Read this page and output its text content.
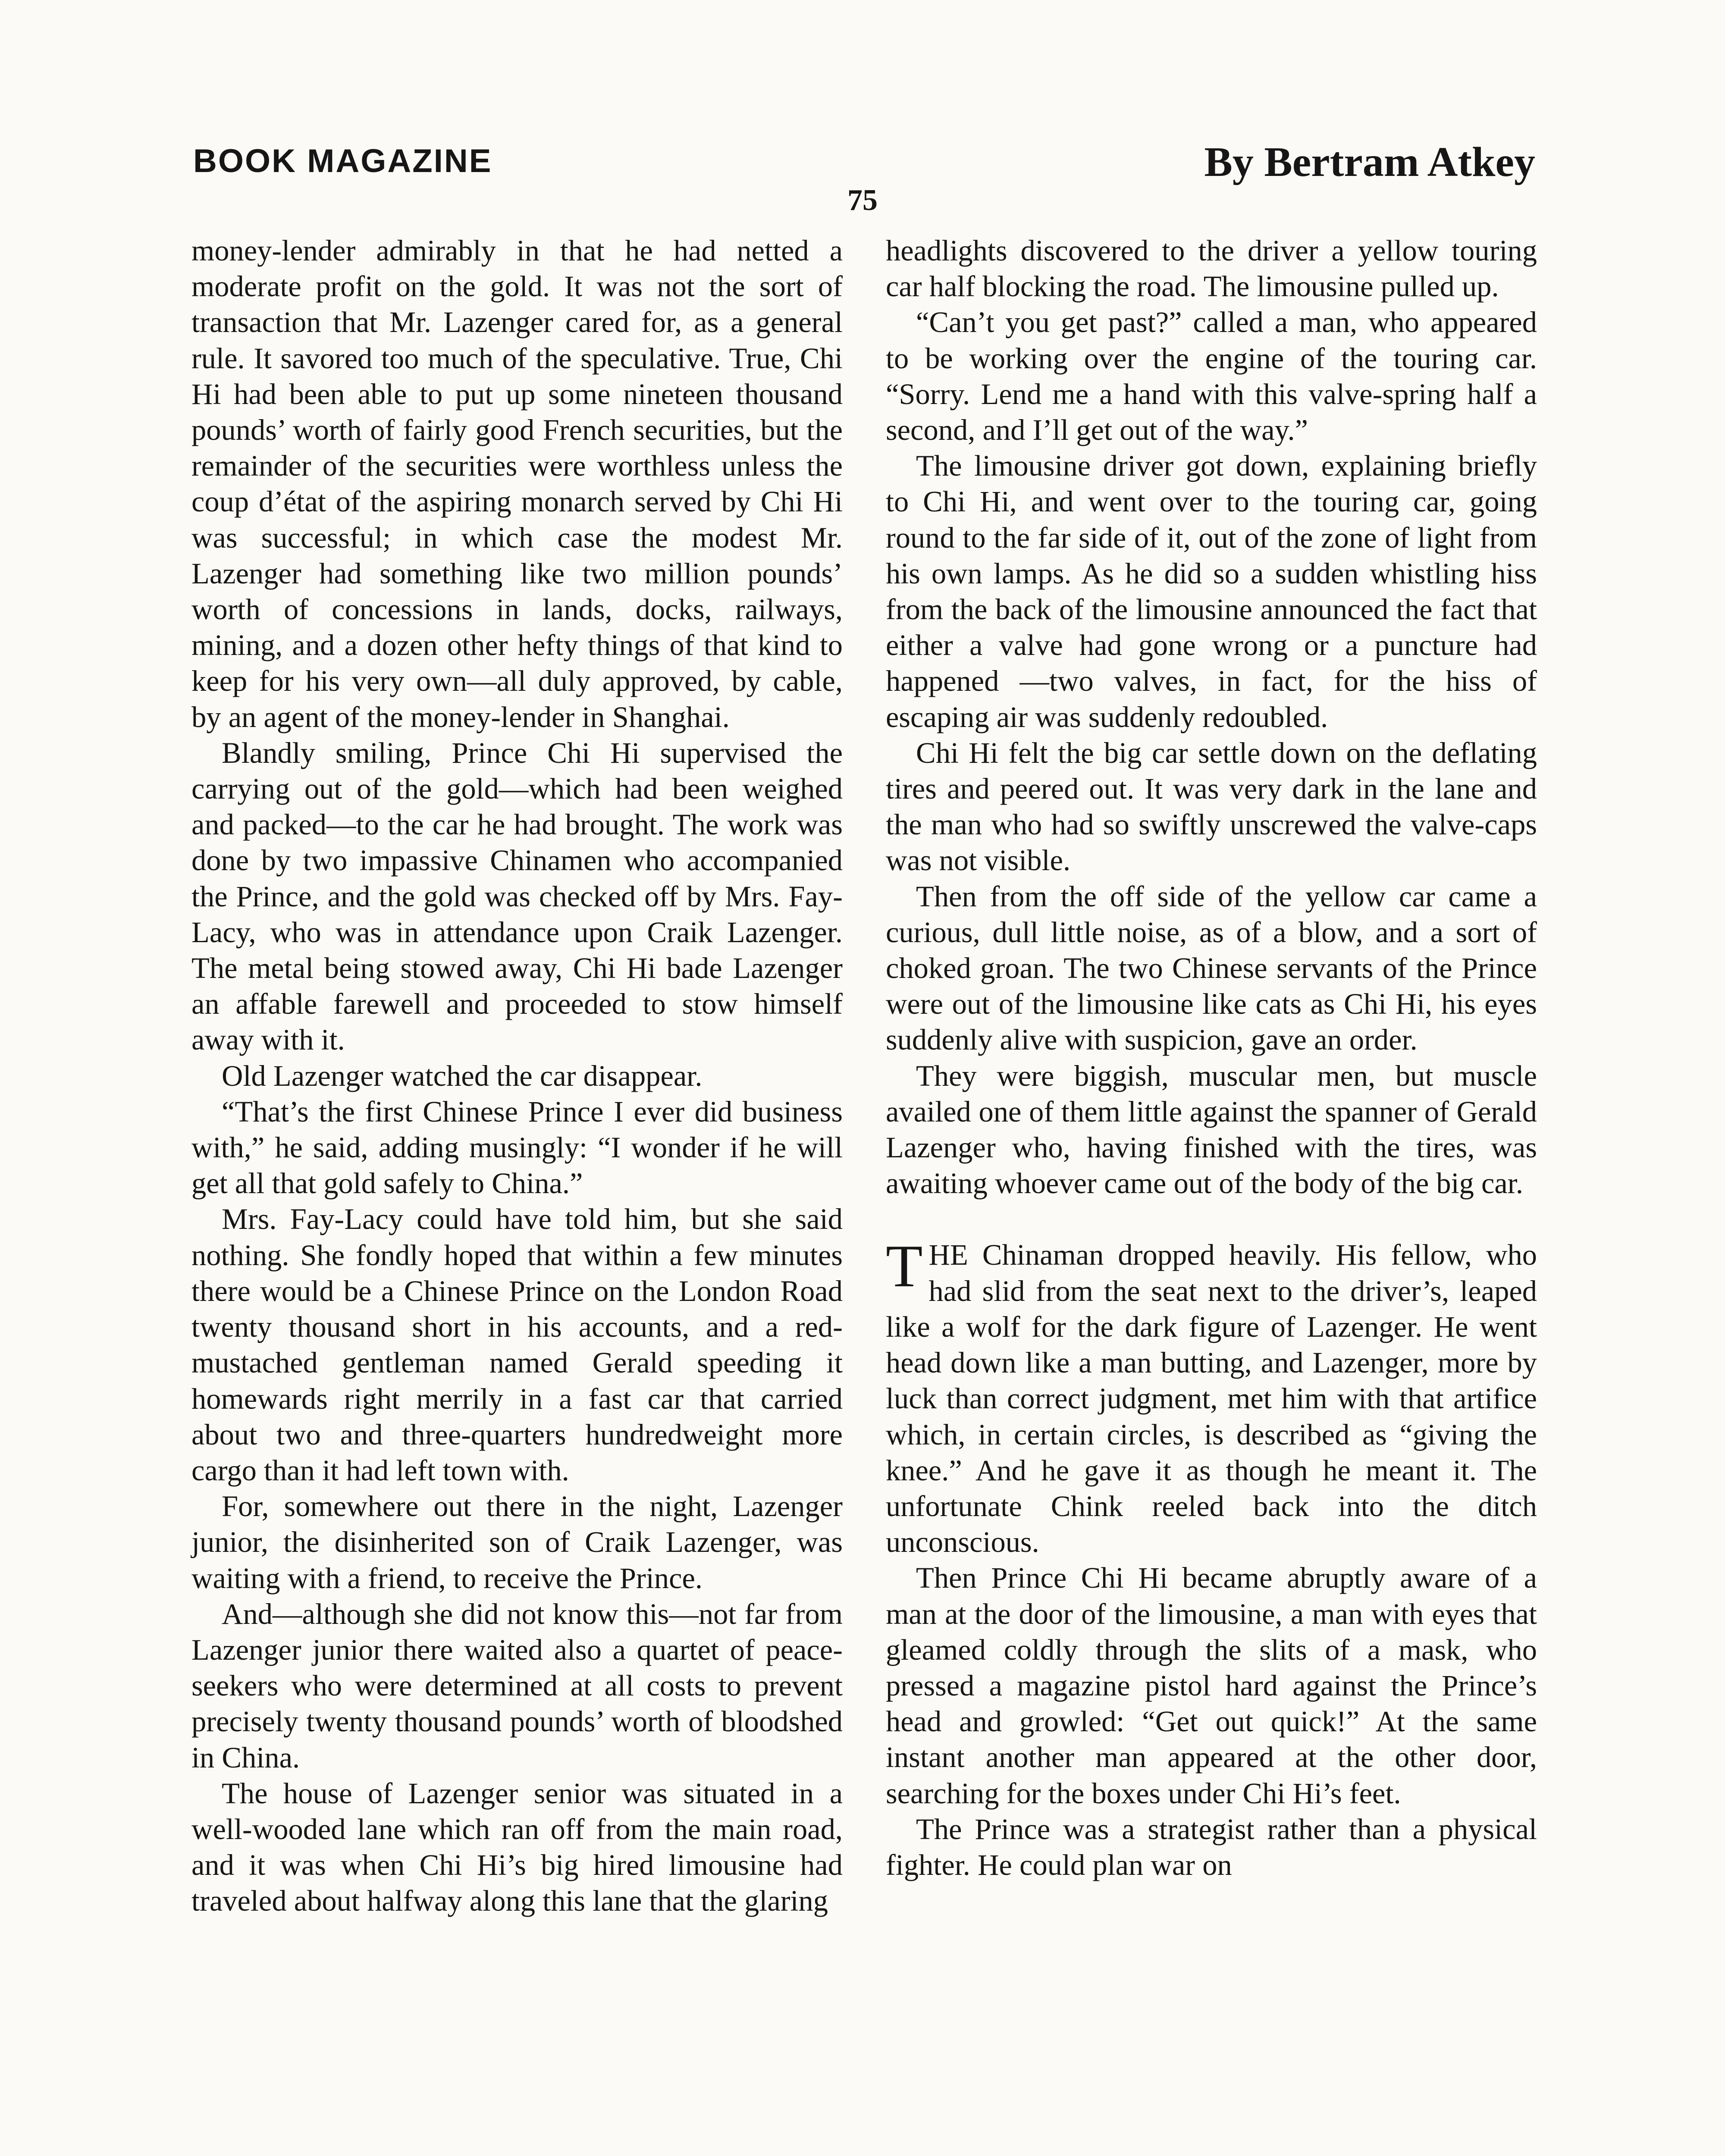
BOOK MAGAZINE	By Bertram Atkey
75

money-lender admirably in that he had netted a moderate profit on the gold. It was not the sort of transaction that Mr. Lazenger cared for, as a general rule. It savored too much of the speculative. True, Chi Hi had been able to put up some nineteen thousand pounds’ worth of fairly good French securities, but the remainder of the securities were worthless unless the coup d’état of the aspiring monarch served by Chi Hi was successful; in which case the modest Mr. Lazenger had something like two million pounds’ worth of concessions in lands, docks, railways, mining, and a dozen other hefty things of that kind to keep for his very own—all duly approved, by cable, by an agent of the money-lender in Shanghai.

Blandly smiling, Prince Chi Hi supervised the carrying out of the gold—which had been weighed and packed—to the car he had brought. The work was done by two impassive Chinamen who accompanied the Prince, and the gold was checked off by Mrs. Fay-Lacy, who was in attendance upon Craik Lazenger. The metal being stowed away, Chi Hi bade Lazenger an affable farewell and proceeded to stow himself away with it.

Old Lazenger watched the car disappear.

“That’s the first Chinese Prince I ever did business with,” he said, adding musingly: “I wonder if he will get all that gold safely to China.”

Mrs. Fay-Lacy could have told him, but she said nothing. She fondly hoped that within a few minutes there would be a Chinese Prince on the London Road twenty thousand short in his accounts, and a red-mustached gentleman named Gerald speeding it homewards right merrily in a fast car that carried about two and three-quarters hundredweight more cargo than it had left town with.

For, somewhere out there in the night, Lazenger junior, the disinherited son of Craik Lazenger, was waiting with a friend, to receive the Prince.

And—although she did not know this—not far from Lazenger junior there waited also a quartet of peace-seekers who were determined at all costs to prevent precisely twenty thousand pounds’ worth of bloodshed in China.

The house of Lazenger senior was situated in a well-wooded lane which ran off from the main road, and it was when Chi Hi’s big hired limousine had traveled about halfway along this lane that the glaring

headlights discovered to the driver a yellow touring car half blocking the road. The limousine pulled up.

“Can’t you get past?” called a man, who appeared to be working over the engine of the touring car. “Sorry. Lend me a hand with this valve-spring half a second, and I’ll get out of the way.”

The limousine driver got down, explaining briefly to Chi Hi, and went over to the touring car, going round to the far side of it, out of the zone of light from his own lamps. As he did so a sudden whistling hiss from the back of the limousine announced the fact that either a valve had gone wrong or a puncture had happened —two valves, in fact, for the hiss of escaping air was suddenly redoubled.

Chi Hi felt the big car settle down on the deflating tires and peered out. It was very dark in the lane and the man who had so swiftly unscrewed the valve-caps was not visible.

Then from the off side of the yellow car came a curious, dull little noise, as of a blow, and a sort of choked groan. The two Chinese servants of the Prince were out of the limousine like cats as Chi Hi, his eyes suddenly alive with suspicion, gave an order.

They were biggish, muscular men, but muscle availed one of them little against the spanner of Gerald Lazenger who, having finished with the tires, was awaiting whoever came out of the body of the big car.

THE Chinaman dropped heavily. His fellow, who had slid from the seat next to the driver’s, leaped like a wolf for the dark figure of Lazenger. He went head down like a man butting, and Lazenger, more by luck than correct judgment, met him with that artifice which, in certain circles, is described as “giving the knee.” And he gave it as though he meant it. The unfortunate Chink reeled back into the ditch unconscious.

Then Prince Chi Hi became abruptly aware of a man at the door of the limousine, a man with eyes that gleamed coldly through the slits of a mask, who pressed a magazine pistol hard against the Prince’s head and growled: “Get out quick!” At the same instant another man appeared at the other door, searching for the boxes under Chi Hi’s feet.

The Prince was a strategist rather than a physical fighter. He could plan war on
